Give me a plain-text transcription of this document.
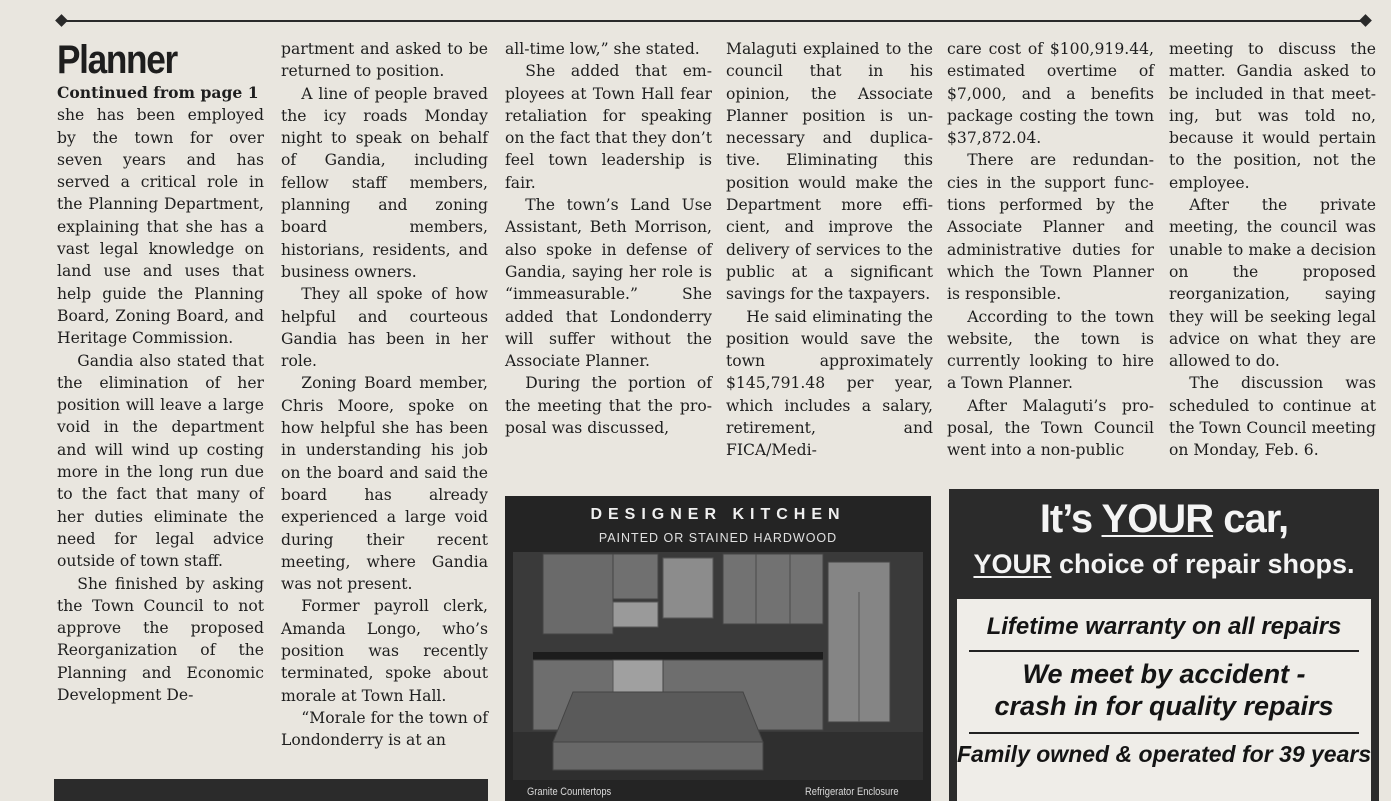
Planner
Continued from page 1

she has been employed by the town for over seven years and has served a critical role in the Planning Department, explaining that she has a vast legal knowledge on land use and uses that help guide the Planning Board, Zoning Board, and Heritage Commission.

Gandia also stated that the elimination of her position will leave a large void in the department and will wind up costing more in the long run due to the fact that many of her duties eliminate the need for legal advice outside of town staff.

She finished by asking the Town Council to not approve the proposed Reorganization of the Planning and Economic Development De-

partment and asked to be returned to position.

A line of people braved the icy roads Monday night to speak on behalf of Gandia, including fellow staff members, planning and zoning board members, historians, residents, and business owners.

They all spoke of how helpful and courteous Gandia has been in her role.

Zoning Board member, Chris Moore, spoke on how helpful she has been in understanding his job on the board and said the board has already experienced a large void during their recent meeting, where Gandia was not present.

Former payroll clerk, Amanda Longo, who’s position was recently terminated, spoke about morale at Town Hall.

“Morale for the town of Londonderry is at an

all-time low,” she stated.

She added that employees at Town Hall fear retaliation for speaking on the fact that they don’t feel town leadership is fair.

The town’s Land Use Assistant, Beth Morrison, also spoke in defense of Gandia, saying her role is “immeasurable.” She added that Londonderry will suffer without the Associate Planner.

During the portion of the meeting that the proposal was discussed,

Malaguti explained to the council that in his opinion, the Associate Planner position is unnecessary and duplicative. Eliminating this position would make the Department more efficient, and improve the delivery of services to the public at a significant savings for the taxpayers.

He said eliminating the position would save the town approximately $145,791.48 per year, which includes a salary, retirement, and FICA/Medi-

care cost of $100,919.44, estimated overtime of $7,000, and a benefits package costing the town $37,872.04.

There are redundancies in the support functions performed by the Associate Planner and administrative duties for which the Town Planner is responsible.

According to the town website, the town is currently looking to hire a Town Planner.

After Malaguti’s proposal, the Town Council went into a non-public

meeting to discuss the matter. Gandia asked to be included in that meeting, but was told no, because it would pertain to the position, not the employee.

After the private meeting, the council was unable to make a decision on the proposed reorganization, saying they will be seeking legal advice on what they are allowed to do.

The discussion was scheduled to continue at the Town Council meeting on Monday, Feb. 6.

DESIGNER KITCHEN
PAINTED OR STAINED HARDWOOD
Granite Countertops	Refrigerator Enclosure
It’s YOUR car,
YOUR choice of repair shops.
Lifetime warranty on all repairs
We meet by accident -
crash in for quality repairs
Family owned & operated for 39 years
